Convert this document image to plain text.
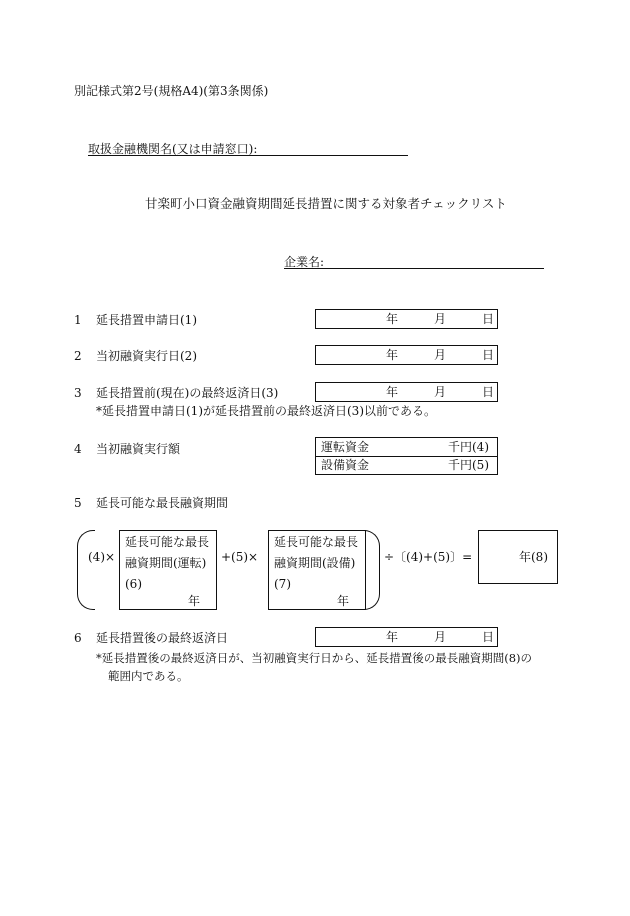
別記様式第2号(規格A4)(第3条関係)
取扱金融機関名(又は申請窓口):
甘楽町小口資金融資期間延長措置に関する対象者チェックリスト
企業名:
1 延長措置申請日(1)	年	月	日
2 当初融資実行日(2)	年	月	日
3 延長措置前(現在)の最終返済日(3)	年	月	日
*延長措置申請日(1)が延長措置前の最終返済日(3)以前である。
4 当初融資実行額	運転資金	千円(4)
設備資金	千円(5)
5 延長可能な最長融資期間
(4)×
延長可能な最長
融資期間(運転)
(6)
年
+(5)×
延長可能な最長
融資期間(設備)
(7)
年
÷〔(4)+(5)〕=	年(8)
6 延長措置後の最終返済日	年	月	日
*延長措置後の最終返済日が、当初融資実行日から、延長措置後の最長融資期間(8)の
範囲内である。
